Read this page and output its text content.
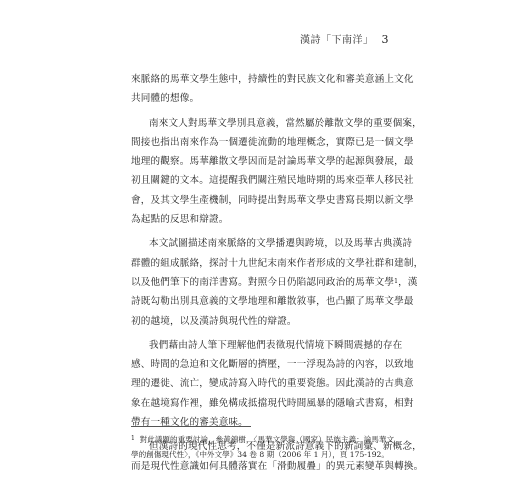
漢詩「下南洋」 3

來脈絡的馬華文學生態中，持續性的對民族文化和審美意涵上文化
共同體的想像。

南來文人對馬華文學別具意義，當然屬於離散文學的重要個案，
間接也指出南來作為一個遷徙流動的地理概念，實際已是一個文學
地理的觀察。馬華離散文學因而是討論馬華文學的起源與發展，最
初且關鍵的文本。這提醒我們關注殖民地時期的馬來亞華人移民社
會，及其文學生產機制，同時提出對馬華文學史書寫長期以新文學
為起點的反思和辯證。

本文試圖描述南來脈絡的文學播遷與跨境，以及馬華古典漢詩
群體的組成脈絡，探討十九世紀末南來作者形成的文學社群和建制，
以及他們筆下的南洋書寫。對照今日仍陷認同政治的馬華文學$^1$，漢
詩既勾勒出別具意義的文學地理和離散敘事，也凸顯了馬華文學最
初的越境，以及漢詩與現代性的辯證。

我們藉由詩人筆下理解他們表徵現代情境下瞬間震撼的存在
感、時間的急迫和文化斷層的擠壓，一一浮現為詩的內容，以致地
理的遷徙、流亡，變成詩寫入時代的重要瓷態。因此漢詩的古典意
象在越境寫作裡，雖免構成抵擋現代時間風暴的隱喻式書寫，相對
帶有一種文化的審美意味。

但漢詩的現代性思考，不僅是新派詩意義下的新詞彙、新概念，
而是現代性意識如何具體落實在「滑動履疊」的異元素變革與轉換。

$^1$ 對此議題的重要討論，參黃錦樹，〈馬華文學與（國家）民族主義：論馬華文
學的創傷現代性〉，《中外文學》34 卷 8 期（2006 年 1 月），頁 175-192。
